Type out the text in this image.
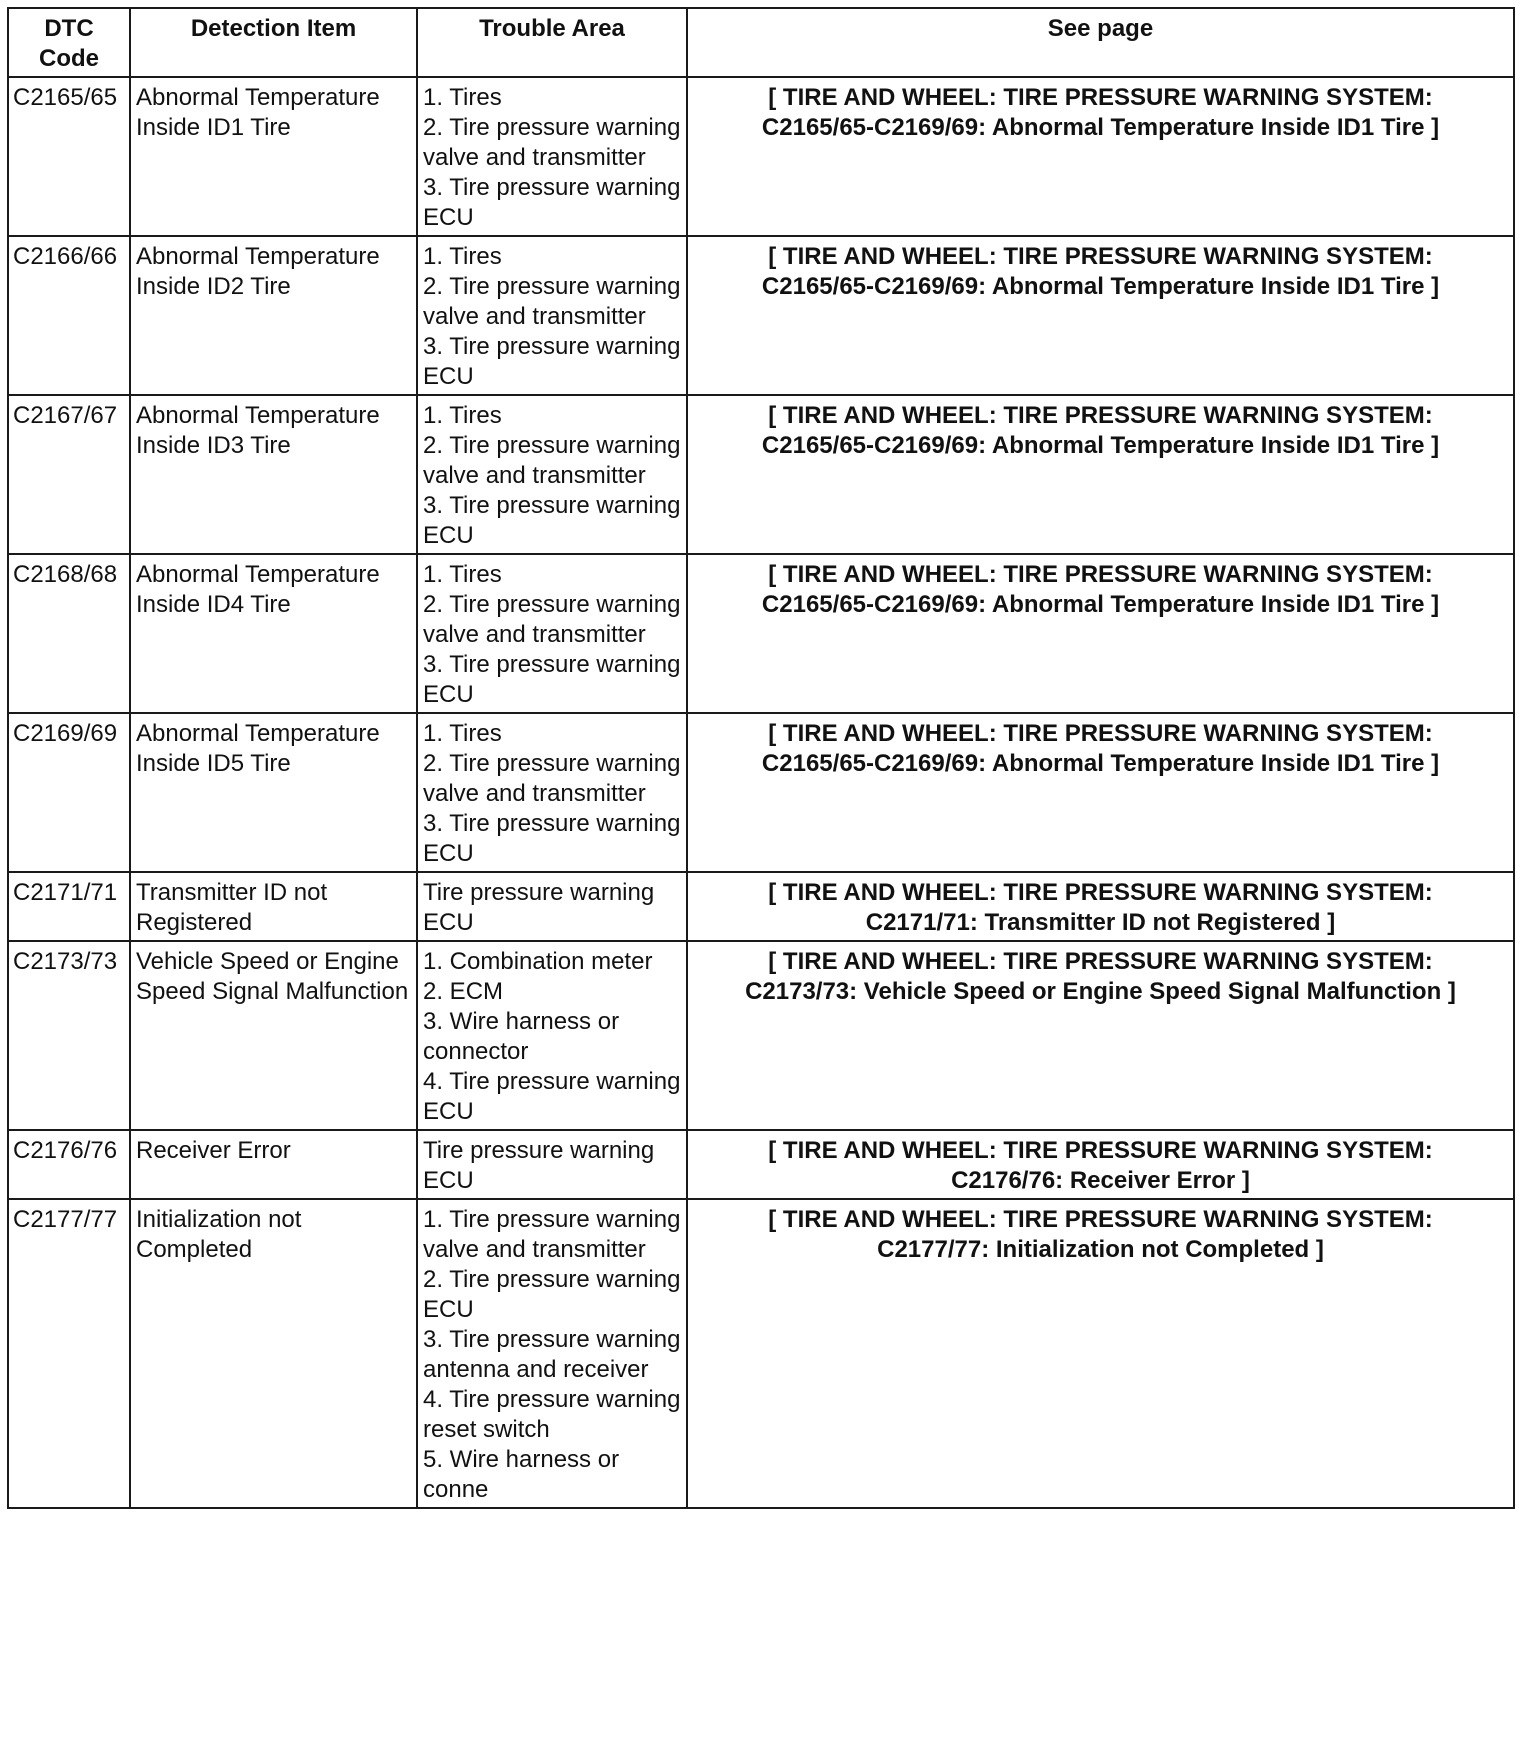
DTC Code	Detection Item	Trouble Area	See page
C2165/65	Abnormal Temperature Inside ID1 Tire	1. Tires
2. Tire pressure warning valve and transmitter
3. Tire pressure warning ECU	[ TIRE AND WHEEL: TIRE PRESSURE WARNING SYSTEM:
C2165/65-C2169/69: Abnormal Temperature Inside ID1 Tire ]

C2166/66	Abnormal Temperature Inside ID2 Tire	1. Tires
2. Tire pressure warning valve and transmitter
3. Tire pressure warning ECU	[ TIRE AND WHEEL: TIRE PRESSURE WARNING SYSTEM:
C2165/65-C2169/69: Abnormal Temperature Inside ID1 Tire ]

C2167/67	Abnormal Temperature Inside ID3 Tire	1. Tires
2. Tire pressure warning valve and transmitter
3. Tire pressure warning ECU	[ TIRE AND WHEEL: TIRE PRESSURE WARNING SYSTEM:
C2165/65-C2169/69: Abnormal Temperature Inside ID1 Tire ]

C2168/68	Abnormal Temperature Inside ID4 Tire	1. Tires
2. Tire pressure warning valve and transmitter
3. Tire pressure warning ECU	[ TIRE AND WHEEL: TIRE PRESSURE WARNING SYSTEM:
C2165/65-C2169/69: Abnormal Temperature Inside ID1 Tire ]

C2169/69	Abnormal Temperature Inside ID5 Tire	1. Tires
2. Tire pressure warning valve and transmitter
3. Tire pressure warning ECU	[ TIRE AND WHEEL: TIRE PRESSURE WARNING SYSTEM:
C2165/65-C2169/69: Abnormal Temperature Inside ID1 Tire ]

C2171/71	Transmitter ID not Registered	Tire pressure warning ECU	[ TIRE AND WHEEL: TIRE PRESSURE WARNING SYSTEM:
C2171/71: Transmitter ID not Registered ]

C2173/73	Vehicle Speed or Engine Speed Signal Malfunction	1. Combination meter
2. ECM
3. Wire harness or connector
4. Tire pressure warning ECU	[ TIRE AND WHEEL: TIRE PRESSURE WARNING SYSTEM:
C2173/73: Vehicle Speed or Engine Speed Signal Malfunction ]

C2176/76	Receiver Error	Tire pressure warning ECU	[ TIRE AND WHEEL: TIRE PRESSURE WARNING SYSTEM:
C2176/76: Receiver Error ]

C2177/77	Initialization not Completed	1. Tire pressure warning valve and transmitter
2. Tire pressure warning ECU
3. Tire pressure warning antenna and receiver
4. Tire pressure warning reset switch
5. Wire harness or conne	[ TIRE AND WHEEL: TIRE PRESSURE WARNING SYSTEM:
C2177/77: Initialization not Completed ]
